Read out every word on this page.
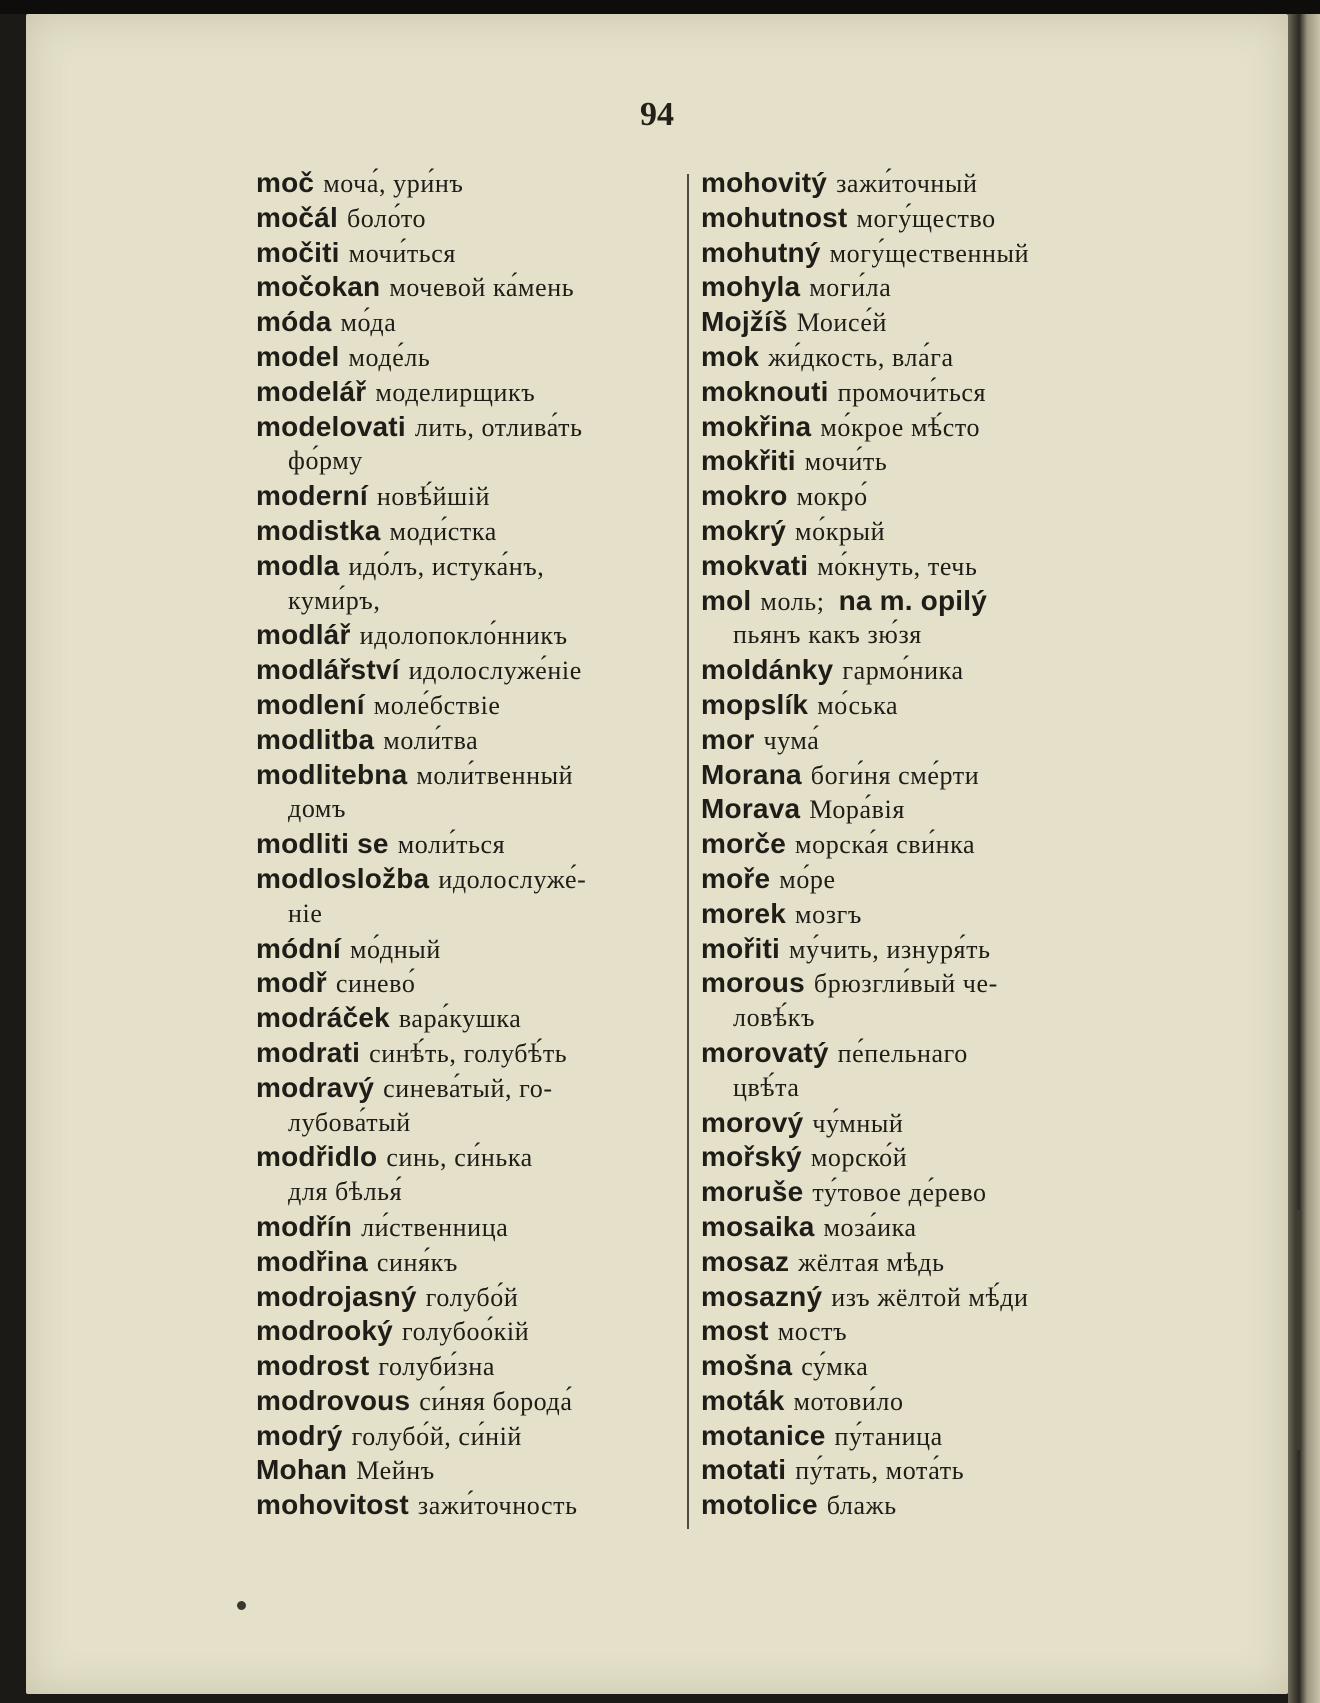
94
moč моча́, ури́нъ
močál боло́то
močiti мочи́ться
močokan мочевой ка́мень
móda мо́да
model моде́ль
modelář моделирщикъ
modelovati лить, отлива́ть
фо́рму
moderní новѣ́йшій
modistka моди́стка
modla идо́лъ, истука́нъ,
куми́ръ,
modlář идолопокло́нникъ
modlářství идолослуже́ніе
modlení моле́бствіе
modlitba моли́тва
modlitebna моли́твенный
домъ
modliti se моли́ться
modlosložba идолослуже́-
ніе
módní мо́дный
modř синево́
modráček вара́кушка
modrati синѣ́ть, голубѣ́ть
modravý синева́тый, го-
лубова́тый
modřidlo синь, си́нька
для бѣлья́
modřín ли́ственница
modřina синя́къ
modrojasný голубо́й
modrooký голубоо́кій
modrost голуби́зна
modrovous си́няя борода́
modrý голубо́й, си́ній
Mohan Мейнъ
mohovitost зажи́точность
mohovitý зажи́точный
mohutnost могу́щество
mohutný могу́щественный
mohyla моги́ла
Mojžíš Моисе́й
mok жи́дкость, вла́га
moknouti промочи́ться
mokřina мо́крое мѣ́сто
mokřiti мочи́ть
mokro мокро́
mokrý мо́крый
mokvati мо́кнуть, течь
mol моль; na m. opilý
пьянъ какъ зю́зя
moldánky гармо́ника
mopslík мо́ська
mor чума́
Morana боги́ня сме́рти
Morava Мора́вія
morče морска́я сви́нка
moře мо́ре
morek мозгъ
mořiti му́чить, изнуря́ть
morous брюзгли́вый че-
ловѣ́къ
morovatý пе́пельнаго
цвѣ́та
morový чу́мный
mořský морско́й
moruše ту́товое де́рево
mosaika моза́ика
mosaz жёлтая мѣдь
mosazný изъ жёлтой мѣ́ди
most мостъ
mošna су́мка
moták мотови́ло
motanice пу́таница
motati пу́тать, мота́ть
motolice блажь
